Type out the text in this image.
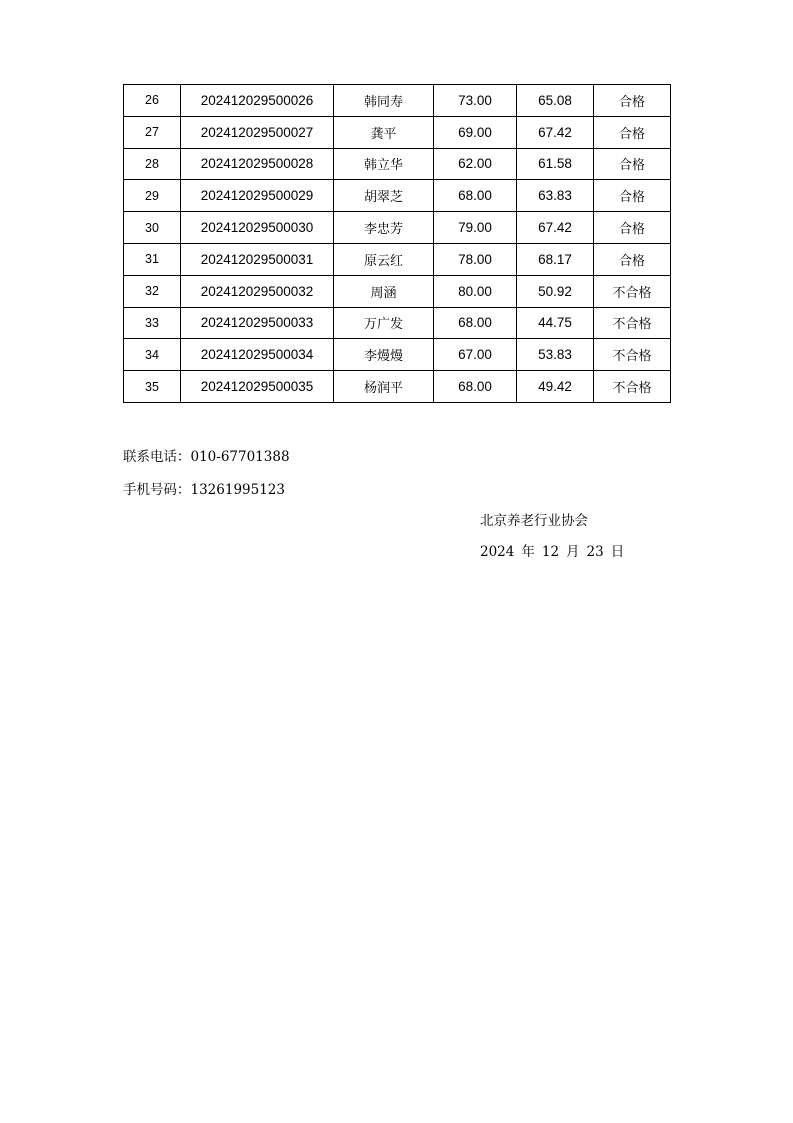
26	202412029500026	韩同寿	73.00	65.08	合格
27	202412029500027	龚平	69.00	67.42	合格
28	202412029500028	韩立华	62.00	61.58	合格
29	202412029500029	胡翠芝	68.00	63.83	合格
30	202412029500030	李忠芳	79.00	67.42	合格
31	202412029500031	原云红	78.00	68.17	合格
32	202412029500032	周涵	80.00	50.92	不合格
33	202412029500033	万广发	68.00	44.75	不合格
34	202412029500034	李熳熳	67.00	53.83	不合格
35	202412029500035	杨润平	68.00	49.42	不合格
联系电话：010-67701388
手机号码：13261995123
北京养老行业协会
2024 年 12 月 23 日
